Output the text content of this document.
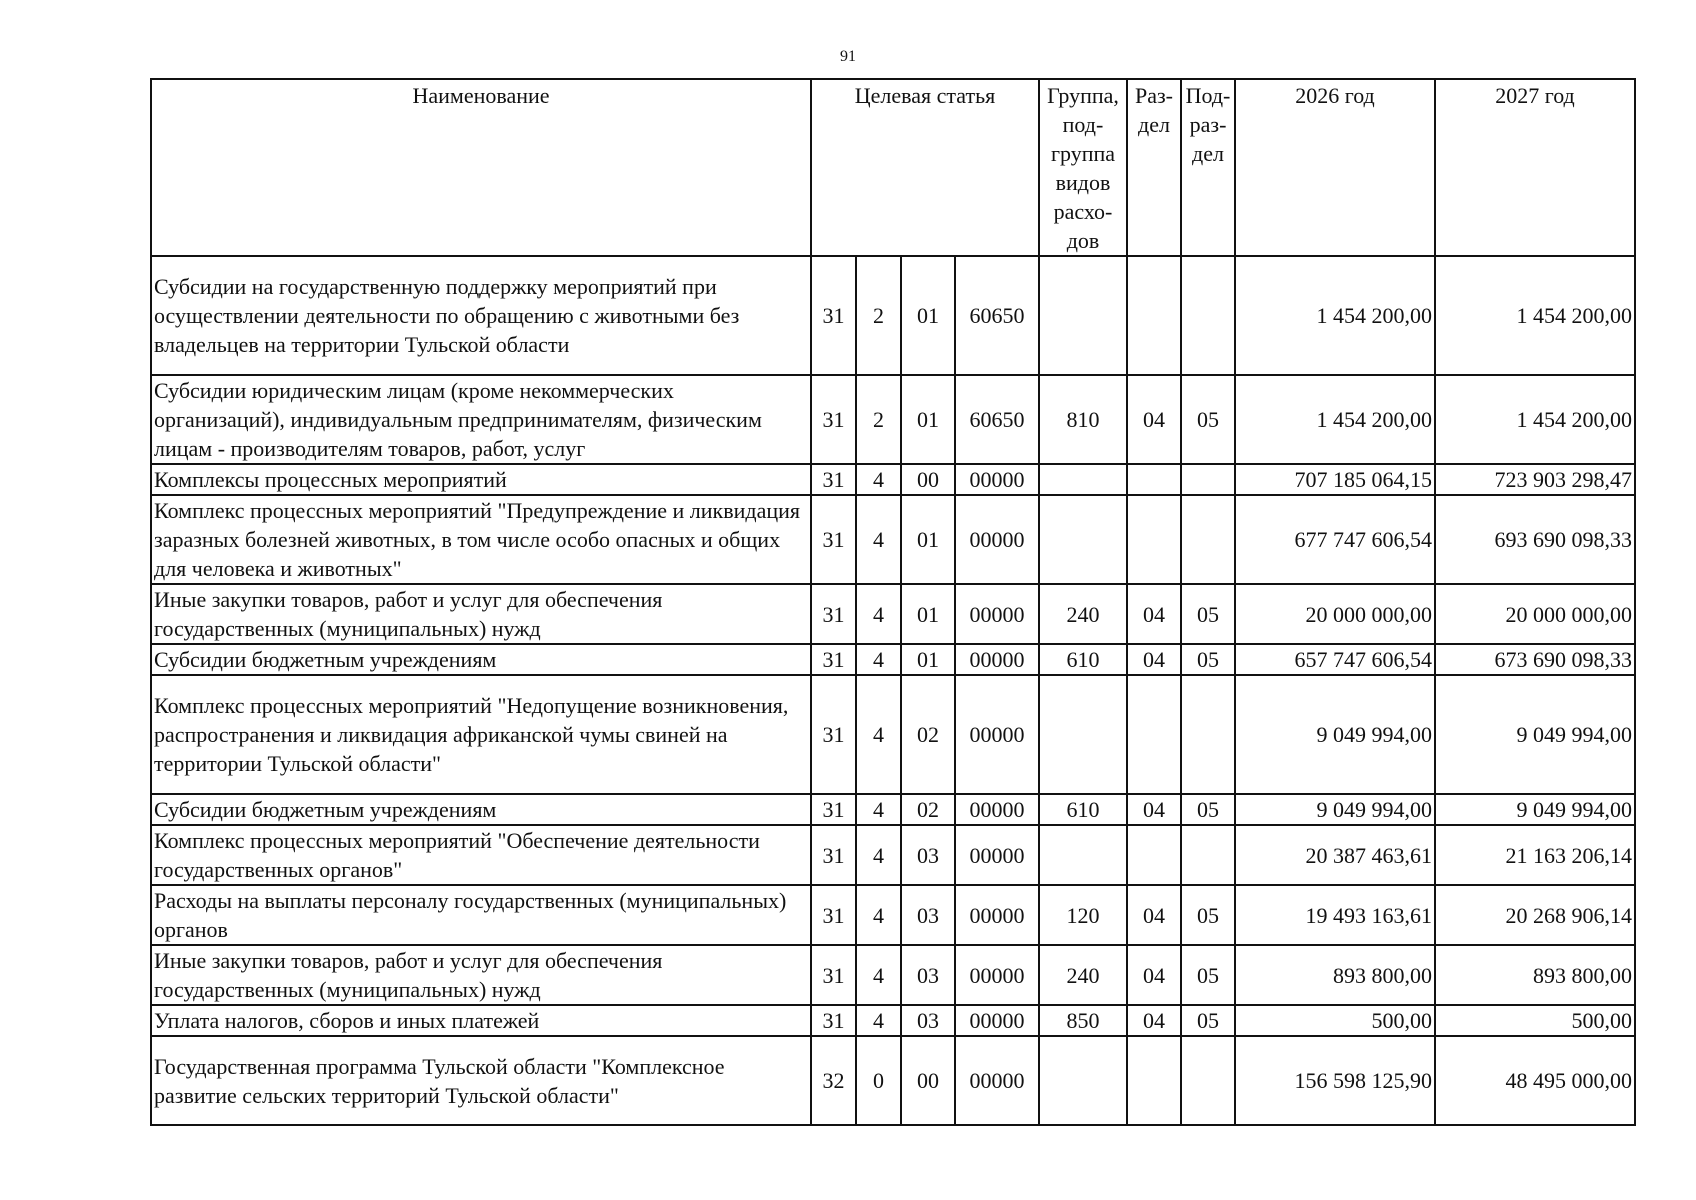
91
Наименование	Целевая статья				Группа, под-группа видов расхо-дов	Раз-дел	Под-раз-дел	2026 год	2027 год
Субсидии на государственную поддержку мероприятий при осуществлении деятельности по обращению с животными без владельцев на территории Тульской области	31	2	01	60650				1 454 200,00	1 454 200,00
Субсидии юридическим лицам (кроме некоммерческих организаций), индивидуальным предпринимателям, физическим лицам - производителям товаров, работ, услуг	31	2	01	60650	810	04	05	1 454 200,00	1 454 200,00
Комплексы процессных мероприятий	31	4	00	00000				707 185 064,15	723 903 298,47
Комплекс процессных мероприятий "Предупреждение и ликвидация заразных болезней животных, в том числе особо опасных и общих для человека и животных"	31	4	01	00000				677 747 606,54	693 690 098,33
Иные закупки товаров, работ и услуг для обеспечения государственных (муниципальных) нужд	31	4	01	00000	240	04	05	20 000 000,00	20 000 000,00
Субсидии бюджетным учреждениям	31	4	01	00000	610	04	05	657 747 606,54	673 690 098,33
Комплекс процессных мероприятий "Недопущение возникновения, распространения и ликвидация африканской чумы свиней на территории Тульской области"	31	4	02	00000				9 049 994,00	9 049 994,00
Субсидии бюджетным учреждениям	31	4	02	00000	610	04	05	9 049 994,00	9 049 994,00
Комплекс процессных мероприятий "Обеспечение деятельности государственных органов"	31	4	03	00000				20 387 463,61	21 163 206,14
Расходы на выплаты персоналу государственных (муниципальных) органов	31	4	03	00000	120	04	05	19 493 163,61	20 268 906,14
Иные закупки товаров, работ и услуг для обеспечения государственных (муниципальных) нужд	31	4	03	00000	240	04	05	893 800,00	893 800,00
Уплата налогов, сборов и иных платежей	31	4	03	00000	850	04	05	500,00	500,00
Государственная программа Тульской области "Комплексное развитие сельских территорий Тульской области"	32	0	00	00000				156 598 125,90	48 495 000,00
